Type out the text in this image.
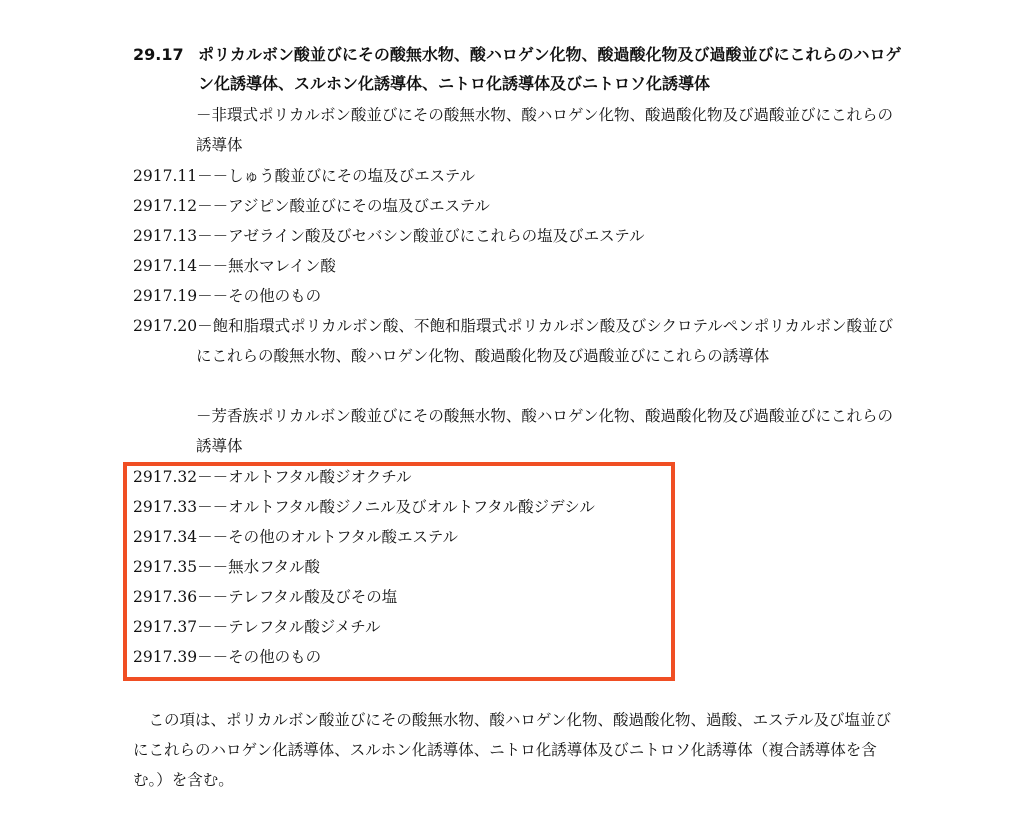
29.17 ポリカルボン酸並びにその酸無水物、酸ハロゲン化物、酸過酸化物及び過酸並びにこれらのハロゲン化誘導体、スルホン化誘導体、ニトロ化誘導体及びニトロソ化誘導体
－非環式ポリカルボン酸並びにその酸無水物、酸ハロゲン化物、酸過酸化物及び過酸並びにこれらの誘導体
2917.11－－しゅう酸並びにその塩及びエステル
2917.12－－アジピン酸並びにその塩及びエステル
2917.13－－アゼライン酸及びセバシン酸並びにこれらの塩及びエステル
2917.14－－無水マレイン酸
2917.19－－その他のもの
2917.20 －飽和脂環式ポリカルボン酸、不飽和脂環式ポリカルボン酸及びシクロテルペンポリカルボン酸並びにこれらの酸無水物、酸ハロゲン化物、酸過酸化物及び過酸並びにこれらの誘導体
－芳香族ポリカルボン酸並びにその酸無水物、酸ハロゲン化物、酸過酸化物及び過酸並びにこれらの誘導体
2917.32－－オルトフタル酸ジオクチル
2917.33－－オルトフタル酸ジノニル及びオルトフタル酸ジデシル
2917.34－－その他のオルトフタル酸エステル
2917.35－－無水フタル酸
2917.36－－テレフタル酸及びその塩
2917.37－－テレフタル酸ジメチル
2917.39－－その他のもの
この項は、ポリカルボン酸並びにその酸無水物、酸ハロゲン化物、酸過酸化物、過酸、エステル及び塩並びにこれらのハロゲン化誘導体、スルホン化誘導体、ニトロ化誘導体及びニトロソ化誘導体（複合誘導体を含む。）を含む。
